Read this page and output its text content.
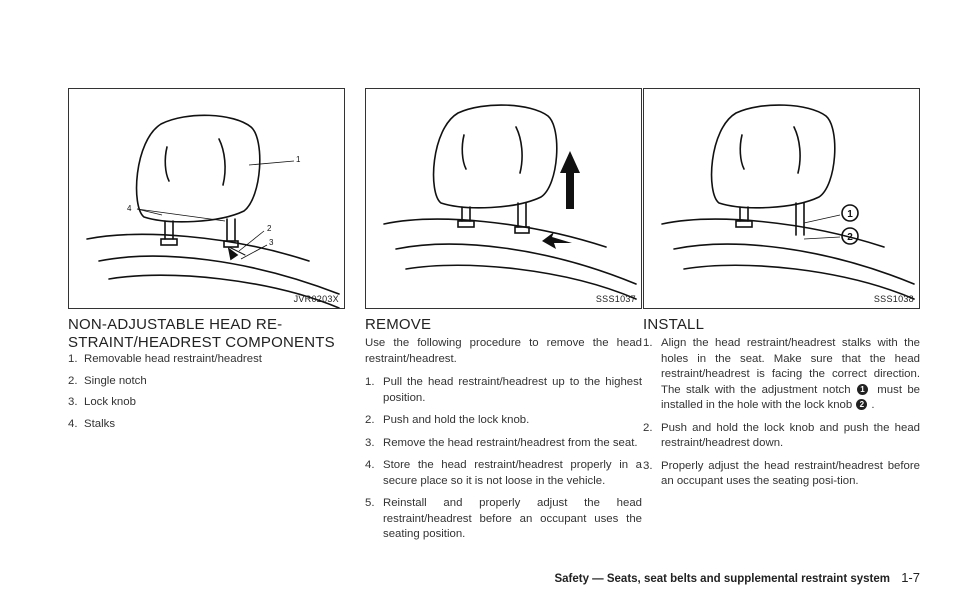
1
2
3
4
JVR0203X
NON-ADJUSTABLE HEAD RE-
STRAINT/HEADREST COMPONENTS
1. Removable head restraint/headrest
2. Single notch
3. Lock knob
4. Stalks
SSS1037
REMOVE

Use the following procedure to remove the head restraint/headrest.

1. Pull the head restraint/headrest up to the highest position.
2. Push and hold the lock knob.
3. Remove the head restraint/headrest from the seat.
4. Store the head restraint/headrest properly in a secure place so it is not loose in the vehicle.
5. Reinstall and properly adjust the head restraint/headrest before an occupant uses the seating position.
1
2
SSS1038
INSTALL
1. Align the head restraint/headrest stalks with the holes in the seat. Make sure that the head restraint/headrest is facing the correct direction. The stalk with the adjustment notch 1 must be installed in the hole with the lock knob 2 .
2. Push and hold the lock knob and push the head restraint/headrest down.
3. Properly adjust the head restraint/headrest before an occupant uses the seating posi-tion.
Safety — Seats, seat belts and supplemental restraint system 1-7
